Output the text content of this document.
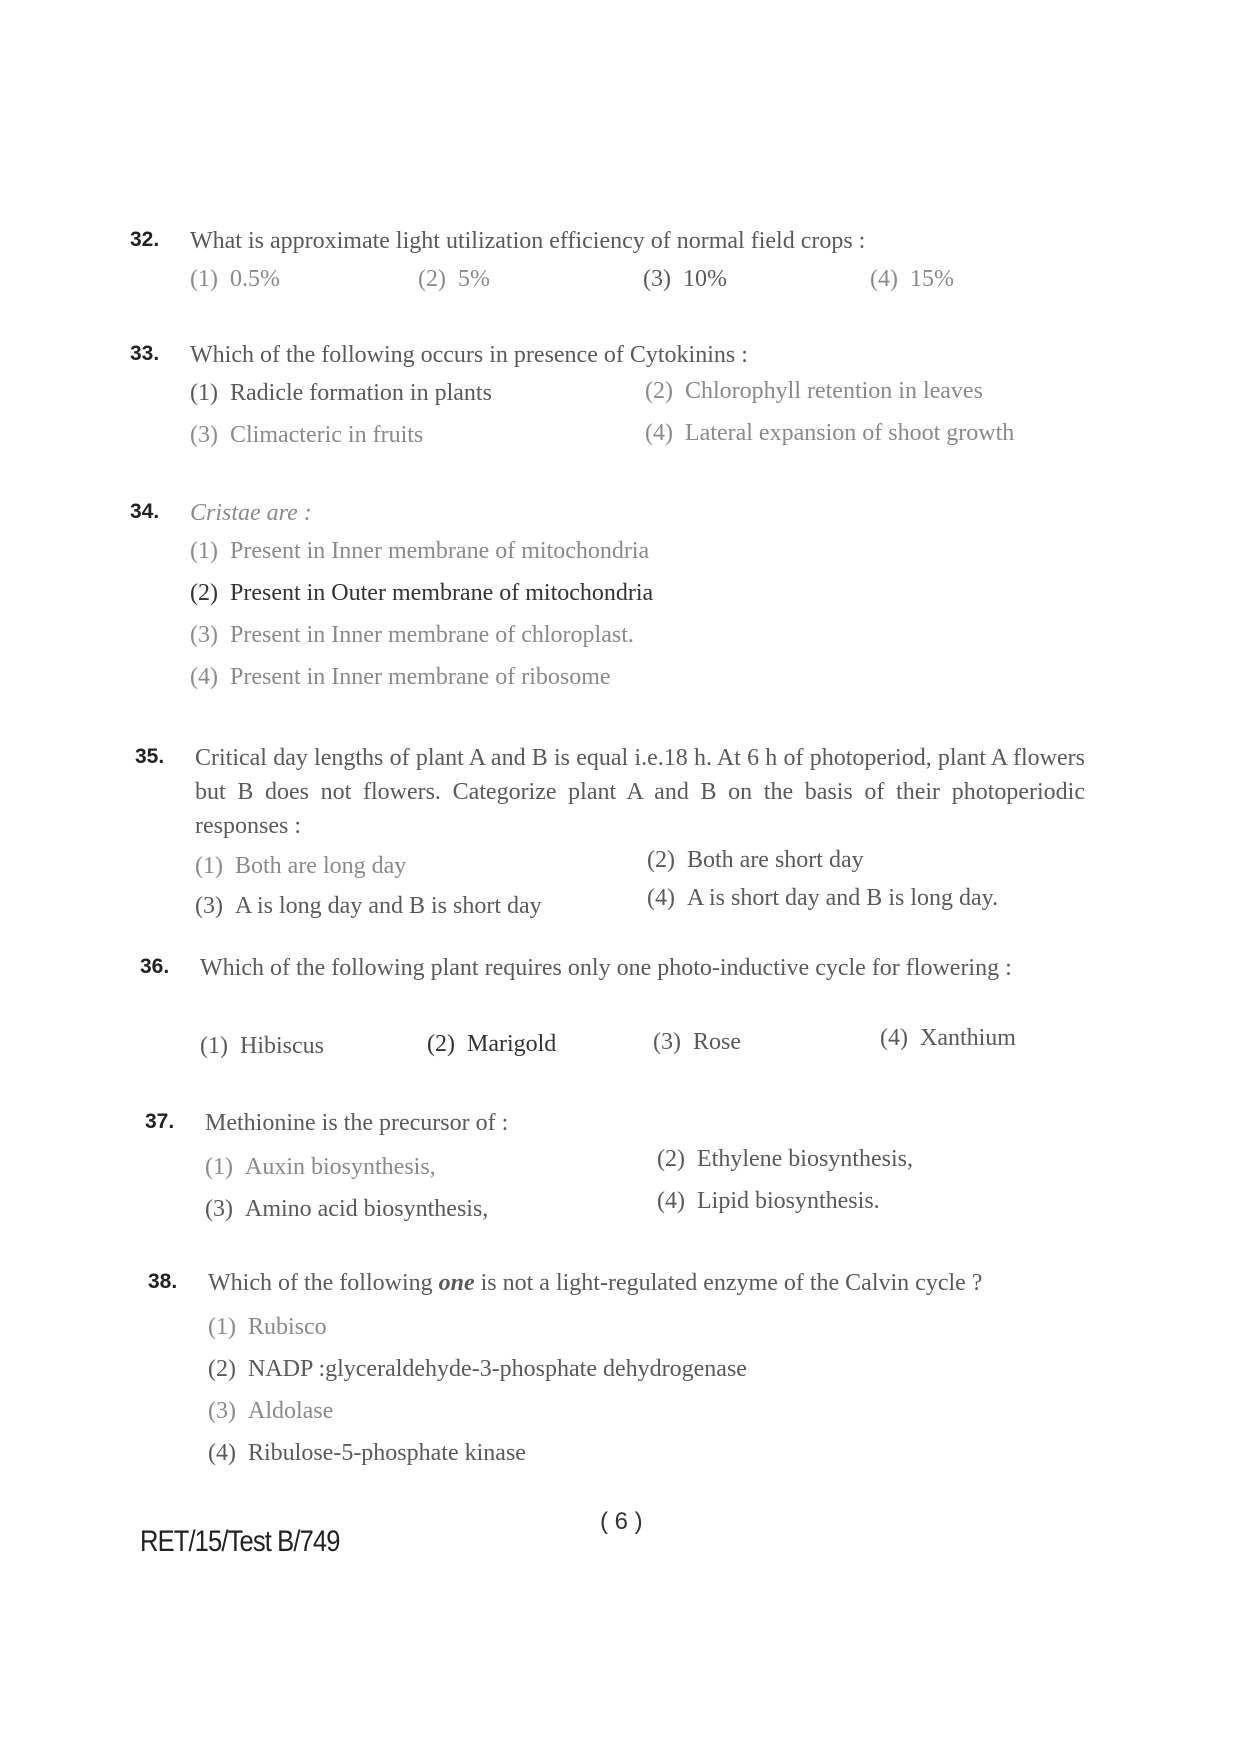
32. What is approximate light utilization efficiency of normal field crops :
(1) 0.5%	(2) 5%	(3) 10%	(4) 15%
33. Which of the following occurs in presence of Cytokinins :
(1) Radicle formation in plants	(2) Chlorophyll retention in leaves
(3) Climacteric in fruits	(4) Lateral expansion of shoot growth
34. Cristae are :
(1) Present in Inner membrane of mitochondria
(2) Present in Outer membrane of mitochondria
(3) Present in Inner membrane of chloroplast.
(4) Present in Inner membrane of ribosome
35. Critical day lengths of plant A and B is equal i.e.18 h. At 6 h of photoperiod, plant A flowers but B does not flowers. Categorize plant A and B on the basis of their photoperiodic responses :
(1) Both are long day	(2) Both are short day
(3) A is long day and B is short day	(4) A is short day and B is long day.
36. Which of the following plant requires only one photo-inductive cycle for flowering :
(1) Hibiscus	(2) Marigold	(3) Rose	(4) Xanthium
37. Methionine is the precursor of :
(1) Auxin biosynthesis,	(2) Ethylene biosynthesis,
(3) Amino acid biosynthesis,	(4) Lipid biosynthesis.
38. Which of the following one is not a light-regulated enzyme of the Calvin cycle ?
(1) Rubisco
(2) NADP :glyceraldehyde-3-phosphate dehydrogenase
(3) Aldolase
(4) Ribulose-5-phosphate kinase
( 6 )
RET/15/Test B/749
